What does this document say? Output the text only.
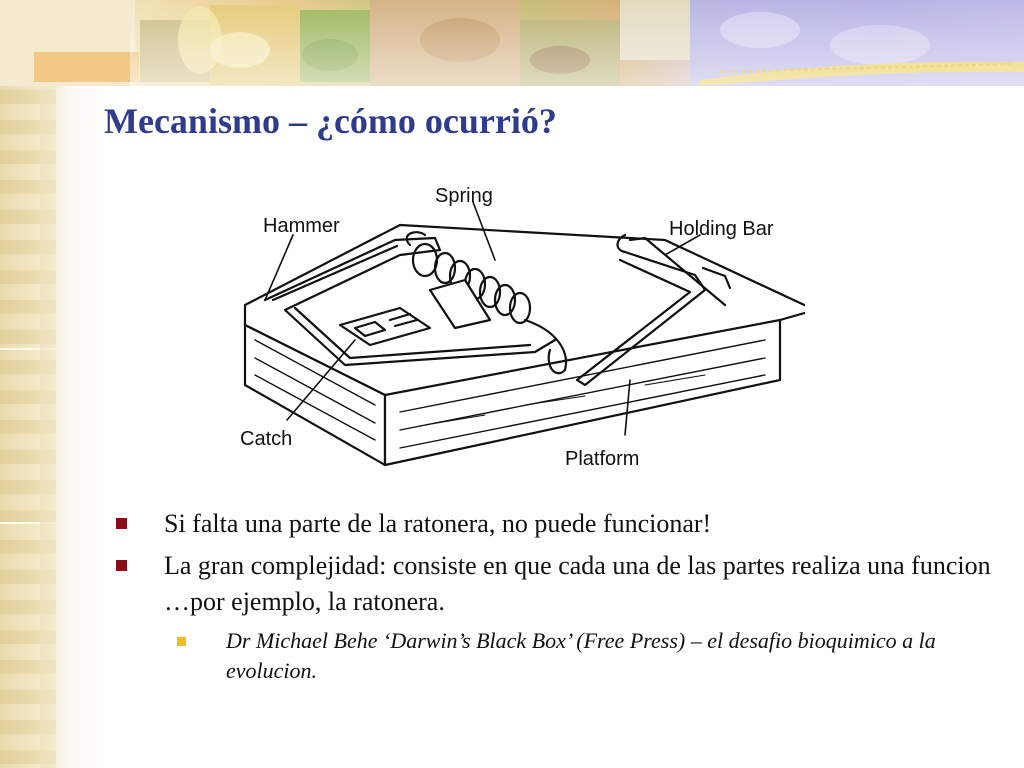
Mecanismo – ¿cómo ocurrió?
Spring
Hammer	Holding Bar
Catch
Platform
Si falta una parte de la ratonera, no puede funcionar!
La gran complejidad: consiste en que cada una de las partes realiza una funcion …por ejemplo, la ratonera.
Dr Michael Behe ‘Darwin’s Black Box’ (Free Press) – el desafio bioquimico a la evolucion.
